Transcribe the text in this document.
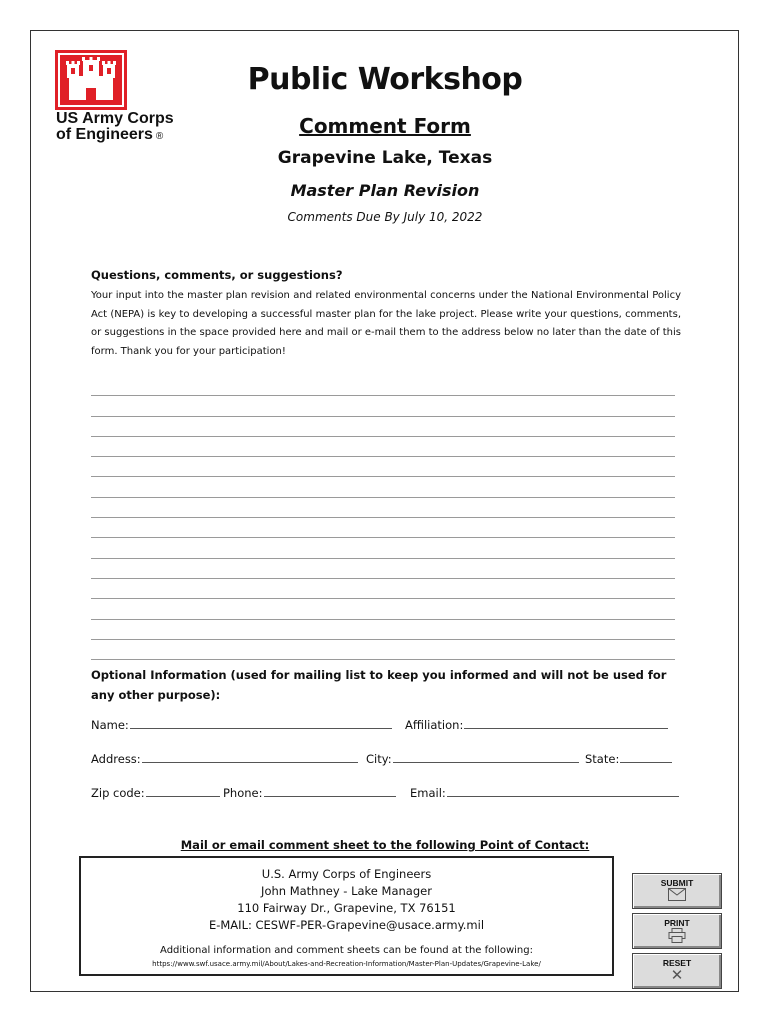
US Army Corps
of Engineers ®
Public Workshop
Comment Form
Grapevine Lake, Texas
Master Plan Revision
Comments Due By July 10, 2022
Questions, comments, or suggestions?
Your input into the master plan revision and related environmental concerns under the National Environmental Policy Act (NEPA) is key to developing a successful master plan for the lake project. Please write your questions, comments, or suggestions in the space provided here and mail or e-mail them to the address below no later than the date of this form. Thank you for your participation!
Optional Information (used for mailing list to keep you informed and will not be used for any other purpose):
Name:	Affiliation:
Address:	City:	State:
Zip code:	Phone:	Email:
Mail or email comment sheet to the following Point of Contact:
U.S. Army Corps of Engineers
John Mathney - Lake Manager
110 Fairway Dr., Grapevine, TX 76151
E-MAIL: CESWF-PER-Grapevine@usace.army.mil
Additional information and comment sheets can be found at the following:
https://www.swf.usace.army.mil/About/Lakes-and-Recreation-Information/Master-Plan-Updates/Grapevine-Lake/
SUBMIT
PRINT
RESET
✕
